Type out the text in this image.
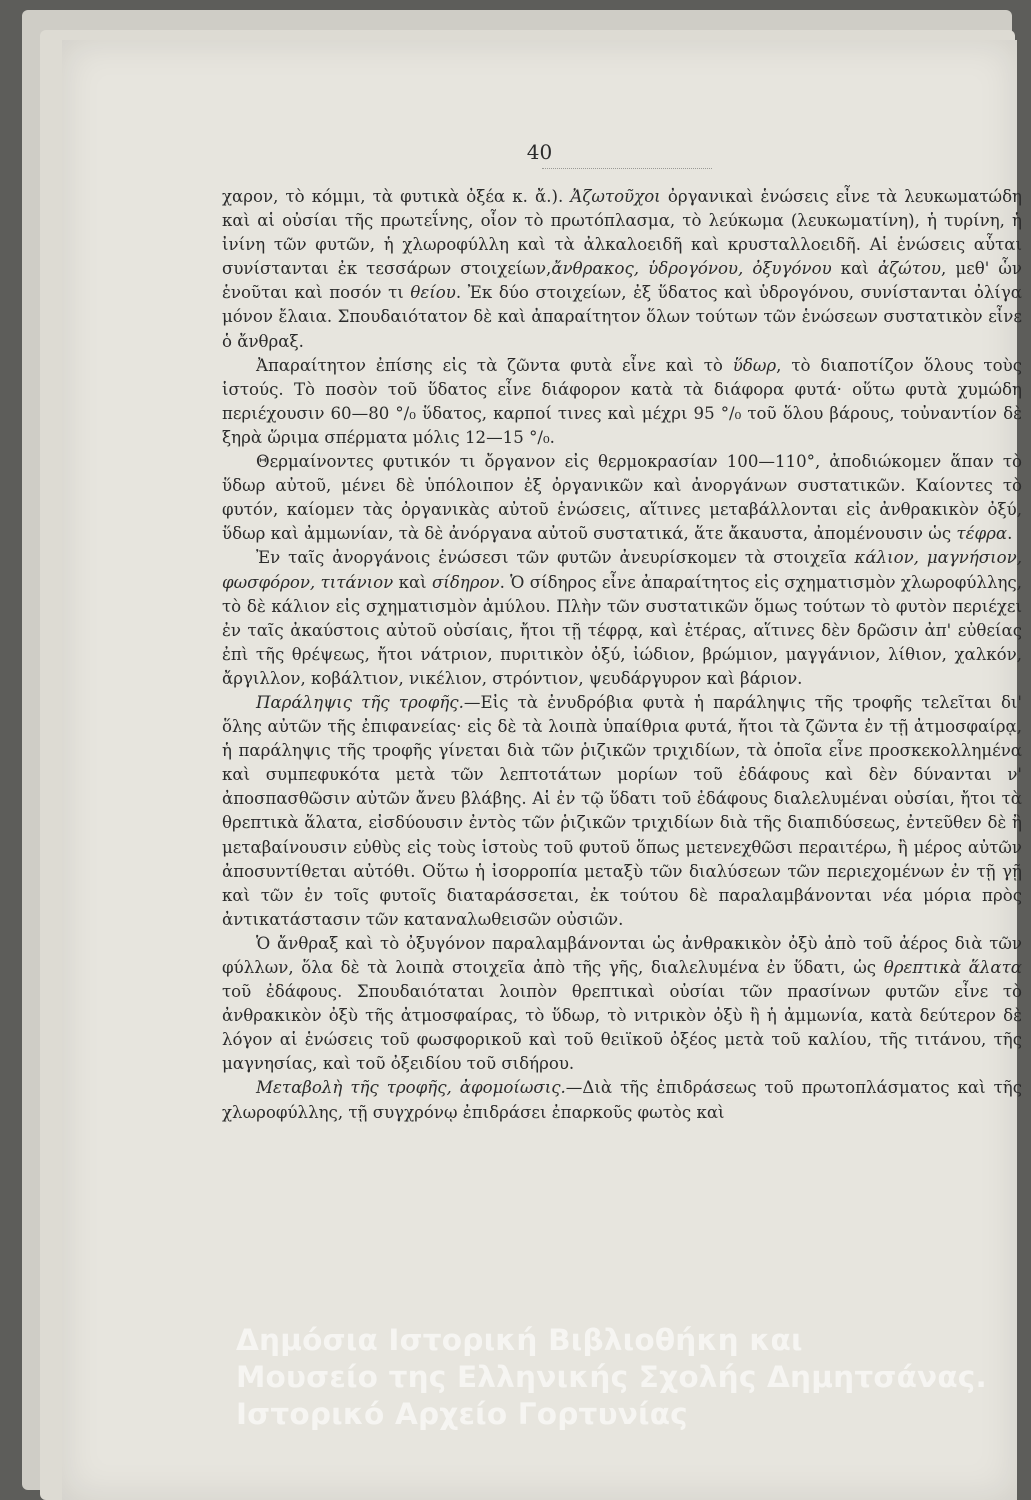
40

χαρον, τὸ κόμμι, τὰ φυτικὰ ὀξέα κ. ἄ.). Ἀζωτοῦχοι ὀργανικαὶ ἑνώσεις εἶνε τὰ λευκωματώδη καὶ αἱ οὐσίαι τῆς πρωτεΐνης, οἷον τὸ πρωτόπλασμα, τὸ λεύκωμα (λευκωματίνη), ἡ τυρίνη, ἡ ἰνίνη τῶν φυτῶν, ἡ χλωροφύλλη καὶ τὰ ἀλκαλοειδῆ καὶ κρυσταλλοειδῆ. Αἱ ἑνώσεις αὗται συνίστανται ἐκ τεσσάρων στοιχείων,ἄνθρακος, ὑδρογόνου, ὀξυγόνου καὶ ἀζώτου, μεθ' ὧν ἑνοῦται καὶ ποσόν τι θείου. Ἐκ δύο στοιχείων, ἐξ ὕδατος καὶ ὑδρογόνου, συνίστανται ὀλίγα μόνον ἔλαια. Σπουδαιότατον δὲ καὶ ἀπαραίτητον ὅλων τούτων τῶν ἑνώσεων συστατικὸν εἶνε ὁ ἄνθραξ.

Ἀπαραίτητον ἐπίσης εἰς τὰ ζῶντα φυτὰ εἶνε καὶ τὸ ὕδωρ, τὸ διαποτίζον ὅλους τοὺς ἱστούς. Τὸ ποσὸν τοῦ ὕδατος εἶνε διάφορον κατὰ τὰ διάφορα φυτά· οὕτω φυτὰ χυμώδη περιέχουσιν 60—80 °/₀ ὕδατος, καρποί τινες καὶ μέχρι 95 °/₀ τοῦ ὅλου βάρους, τοὐναντίον δὲ ξηρὰ ὥριμα σπέρματα μόλις 12—15 °/₀.

Θερμαίνοντες φυτικόν τι ὄργανον εἰς θερμοκρασίαν 100—110°, ἀποδιώκομεν ἅπαν τὸ ὕδωρ αὐτοῦ, μένει δὲ ὑπόλοιπον ἐξ ὀργανικῶν καὶ ἀνοργάνων συστατικῶν. Καίοντες τὸ φυτόν, καίομεν τὰς ὀργανικὰς αὐτοῦ ἑνώσεις, αἵτινες μεταβάλλονται εἰς ἀνθρακικὸν ὀξύ, ὕδωρ καὶ ἀμμωνίαν, τὰ δὲ ἀνόργανα αὐτοῦ συστατικά, ἅτε ἄκαυστα, ἀπομένουσιν ὡς τέφρα.

Ἐν ταῖς ἀνοργάνοις ἑνώσεσι τῶν φυτῶν ἀνευρίσκομεν τὰ στοιχεῖα κάλιον, μαγνήσιον, φωσφόρον, τιτάνιον καὶ σίδηρον. Ὁ σίδηρος εἶνε ἀπαραίτητος εἰς σχηματισμὸν χλωροφύλλης, τὸ δὲ κάλιον εἰς σχηματισμὸν ἀμύλου. Πλὴν τῶν συστατικῶν ὅμως τούτων τὸ φυτὸν περιέχει ἐν ταῖς ἀκαύστοις αὐτοῦ οὐσίαις, ἤτοι τῇ τέφρᾳ, καὶ ἑτέρας, αἵτινες δὲν δρῶσιν ἀπ' εὐθείας ἐπὶ τῆς θρέψεως, ἤτοι νάτριον, πυριτικὸν ὀξύ, ἰώδιον, βρώμιον, μαγγάνιον, λίθιον, χαλκόν, ἄργιλλον, κοβάλτιον, νικέλιον, στρόντιον, ψευδάργυρον καὶ βάριον.

Παράληψις τῆς τροφῆς.—Εἰς τὰ ἐνυδρόβια φυτὰ ἡ παράληψις τῆς τροφῆς τελεῖται δι' ὅλης αὐτῶν τῆς ἐπιφανείας· εἰς δὲ τὰ λοιπὰ ὑπαίθρια φυτά, ἤτοι τὰ ζῶντα ἐν τῇ ἀτμοσφαίρᾳ, ἡ παράληψις τῆς τροφῆς γίνεται διὰ τῶν ῥιζικῶν τριχιδίων, τὰ ὁποῖα εἶνε προσκεκολλημένα καὶ συμπεφυκότα μετὰ τῶν λεπτοτάτων μορίων τοῦ ἐδάφους καὶ δὲν δύνανται ν' ἀποσπασθῶσιν αὐτῶν ἄνευ βλάβης. Αἱ ἐν τῷ ὕδατι τοῦ ἐδάφους διαλελυμέναι οὐσίαι, ἤτοι τὰ θρεπτικὰ ἅλατα, εἰσδύουσιν ἐντὸς τῶν ῥιζικῶν τριχιδίων διὰ τῆς διαπιδύσεως, ἐντεῦθεν δὲ ἢ μεταβαίνουσιν εὐθὺς εἰς τοὺς ἱστοὺς τοῦ φυτοῦ ὅπως μετενεχθῶσι περαιτέρω, ἢ μέρος αὐτῶν ἀποσυντίθεται αὐτόθι. Οὕτω ἡ ἰσορροπία μεταξὺ τῶν διαλύσεων τῶν περιεχομένων ἐν τῇ γῇ καὶ τῶν ἐν τοῖς φυτοῖς διαταράσσεται, ἐκ τούτου δὲ παραλαμβάνονται νέα μόρια πρὸς ἀντικατάστασιν τῶν καταναλωθεισῶν οὐσιῶν.

Ὁ ἄνθραξ καὶ τὸ ὀξυγόνον παραλαμβάνονται ὡς ἀνθρακικὸν ὀξὺ ἀπὸ τοῦ ἀέρος διὰ τῶν φύλλων, ὅλα δὲ τὰ λοιπὰ στοιχεῖα ἀπὸ τῆς γῆς, διαλελυμένα ἐν ὕδατι, ὡς θρεπτικὰ ἅλατα τοῦ ἐδάφους. Σπουδαιόταται λοιπὸν θρεπτικαὶ οὐσίαι τῶν πρασίνων φυτῶν εἶνε τὸ ἀνθρακικὸν ὀξὺ τῆς ἀτμοσφαίρας, τὸ ὕδωρ, τὸ νιτρικὸν ὀξὺ ἢ ἡ ἀμμωνία, κατὰ δεύτερον δὲ λόγον αἱ ἑνώσεις τοῦ φωσφορικοῦ καὶ τοῦ θειϊκοῦ ὀξέος μετὰ τοῦ καλίου, τῆς τιτάνου, τῆς μαγνησίας, καὶ τοῦ ὀξειδίου τοῦ σιδήρου.

Μεταβολὴ τῆς τροφῆς, ἀφομοίωσις.—Διὰ τῆς ἐπιδράσεως τοῦ πρωτοπλάσματος καὶ τῆς χλωροφύλλης, τῇ συγχρόνῳ ἐπιδράσει ἐπαρκοῦς φωτὸς καὶ

Δημόσια Ιστορική Βιβλιοθήκη και
Μουσείο της Ελληνικής Σχολής Δημητσάνας.
Ιστορικό Αρχείο Γορτυνίας
